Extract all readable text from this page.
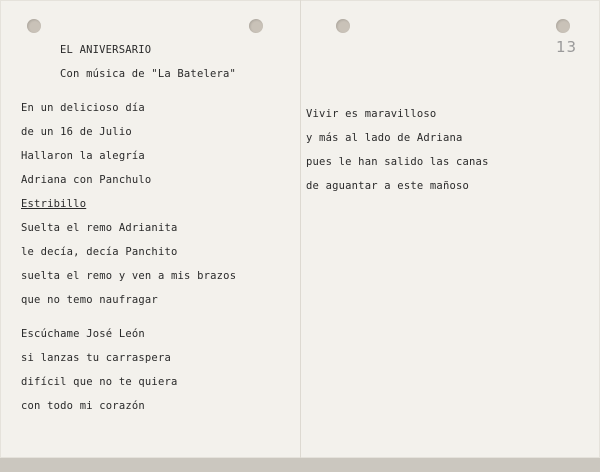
13
EL ANIVERSARIO
Con música de "La Batelera"
En un delicioso día
de un 16 de Julio
Hallaron la alegría
Adriana con Panchulo
Estribillo
Suelta el remo Adrianita
le decía, decía Panchito
suelta el remo y ven a mis brazos
que no temo naufragar
Escúchame José León
si lanzas tu carraspera
difícil que no te quiera
con todo mi corazón
Vivir es maravilloso
y más al lado de Adriana
pues le han salido las canas
de aguantar a este mañoso
